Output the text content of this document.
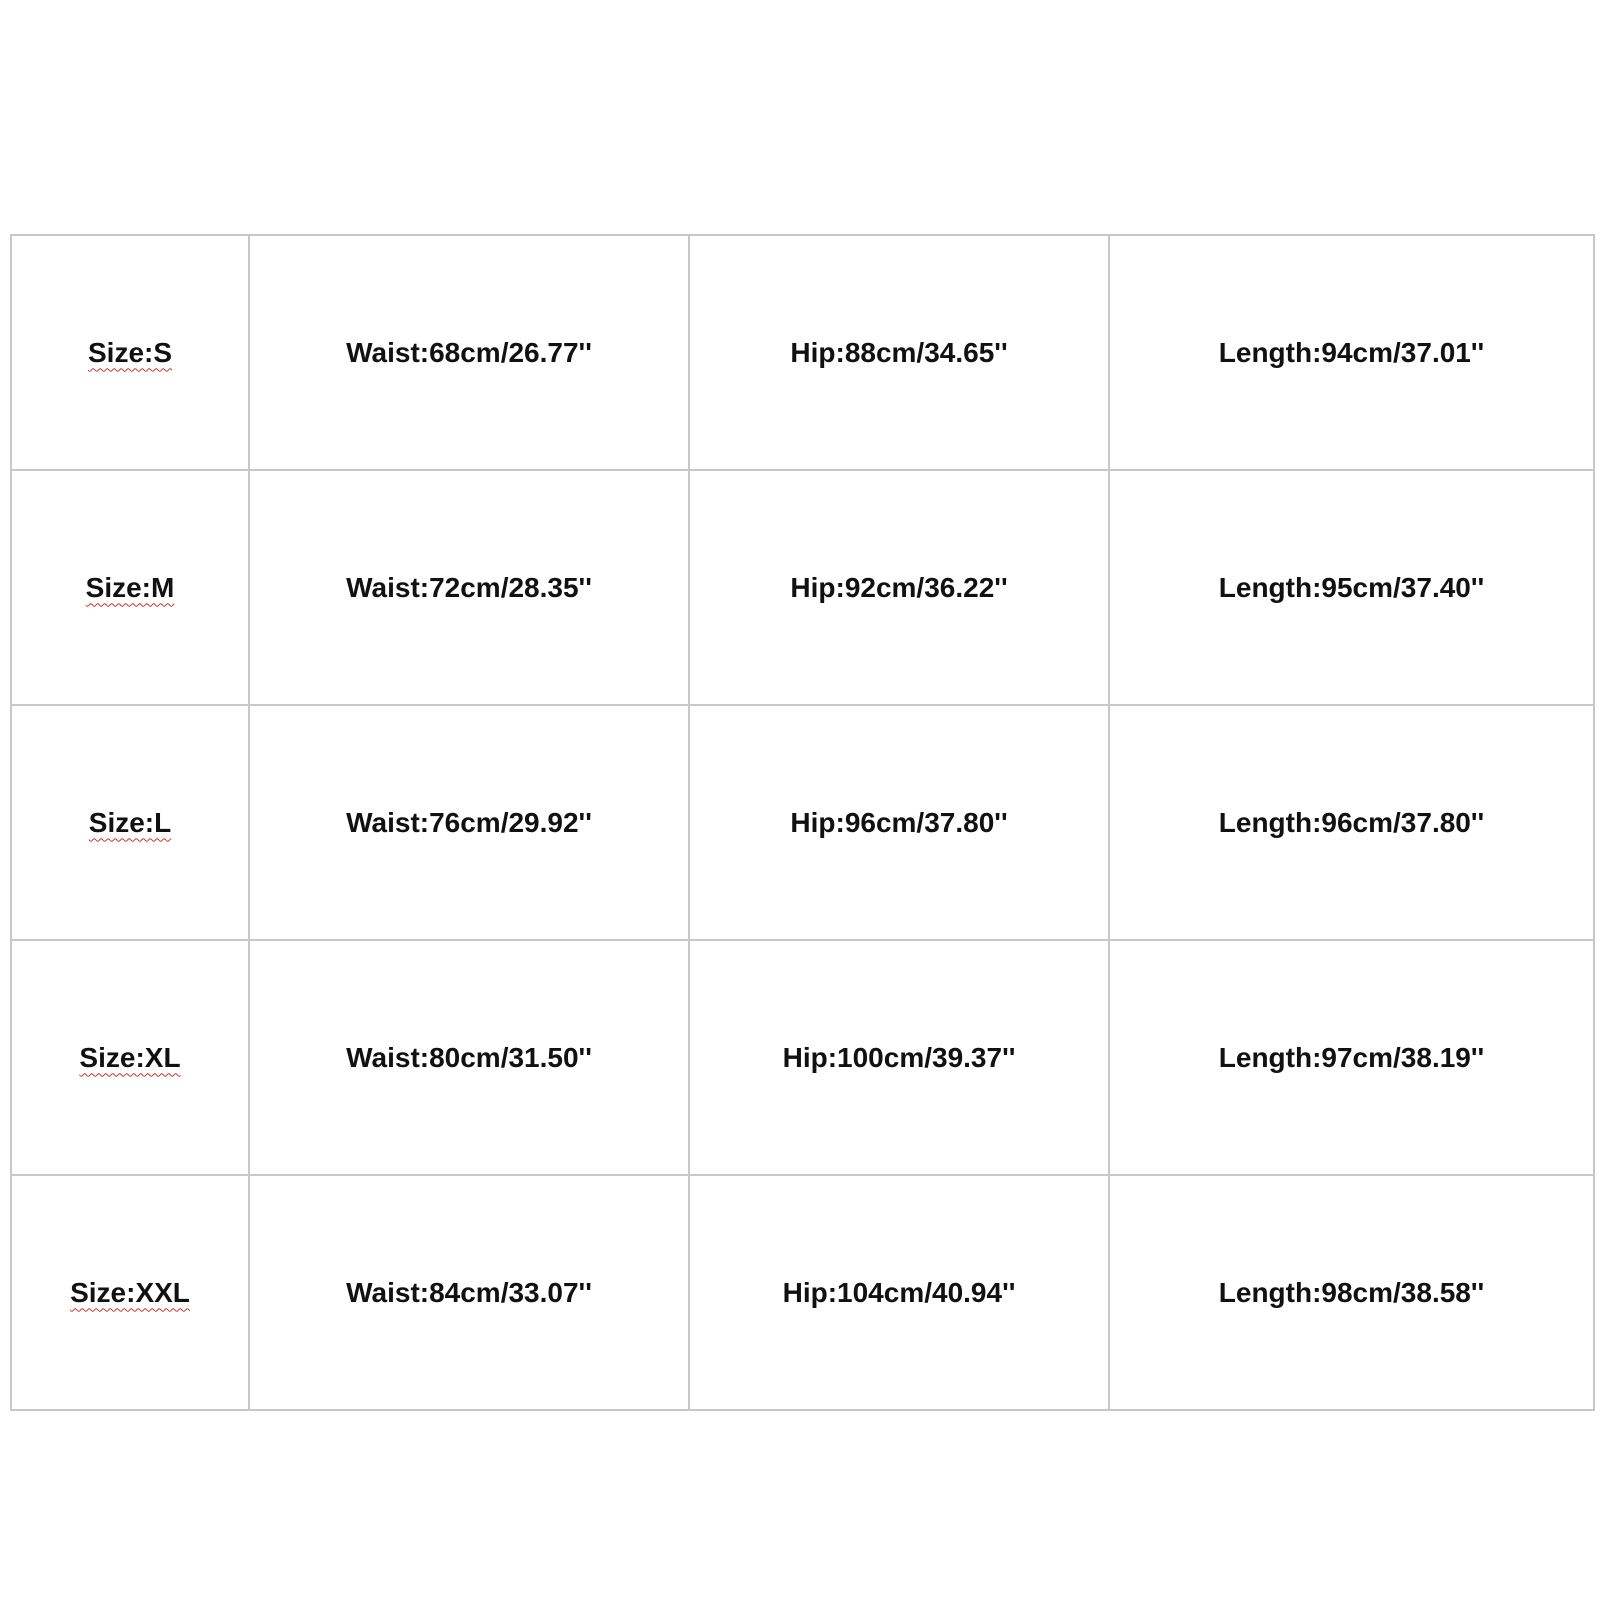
Size:S	Waist:68cm/26.77''	Hip:88cm/34.65''	Length:94cm/37.01''
Size:M	Waist:72cm/28.35''	Hip:92cm/36.22''	Length:95cm/37.40''
Size:L	Waist:76cm/29.92''	Hip:96cm/37.80''	Length:96cm/37.80''
Size:XL	Waist:80cm/31.50''	Hip:100cm/39.37''	Length:97cm/38.19''
Size:XXL	Waist:84cm/33.07''	Hip:104cm/40.94''	Length:98cm/38.58''
